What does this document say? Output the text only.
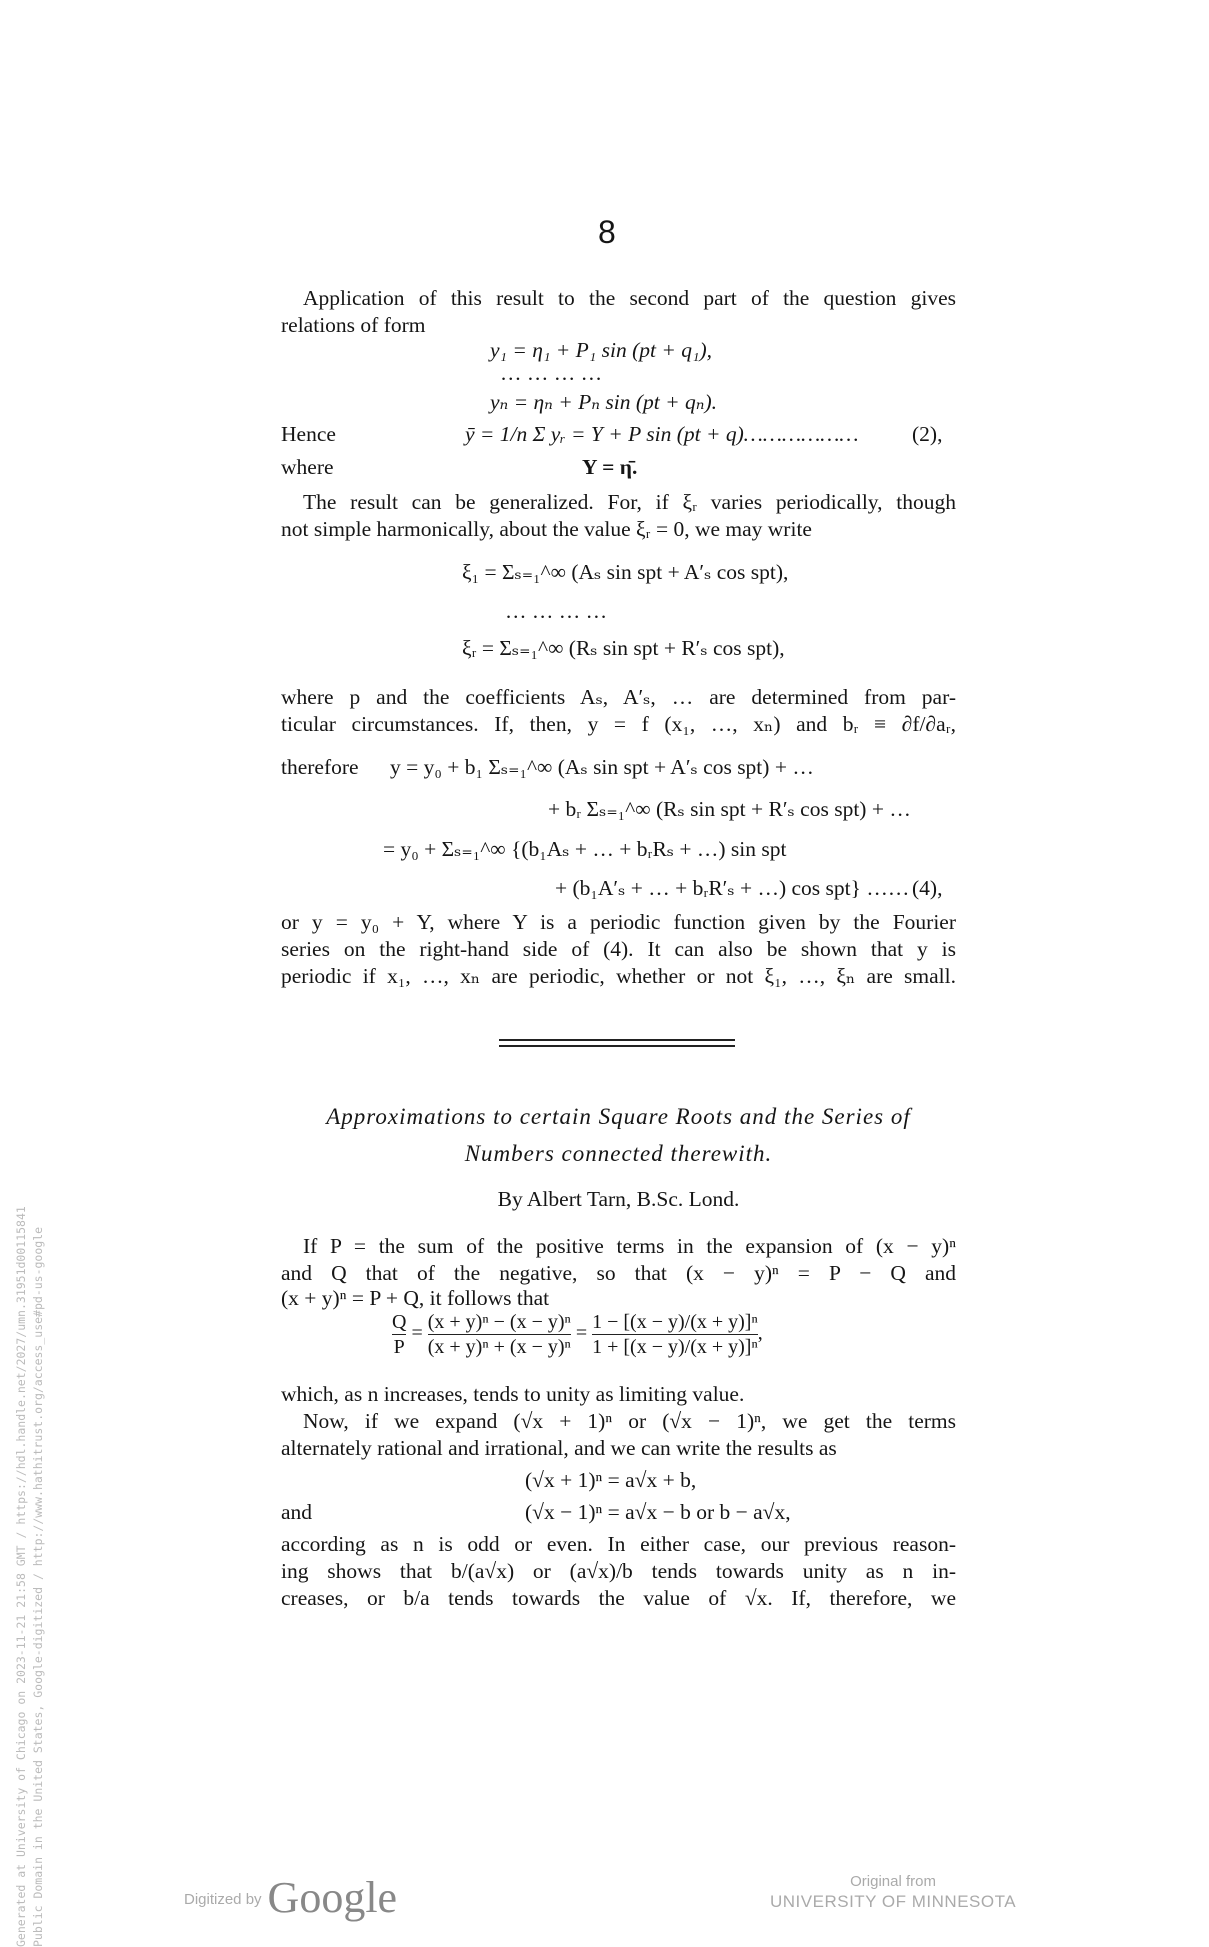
8
Application of this result to the second part of the question gives
relations of form
y₁ = η₁ + P₁ sin (pt + q₁),
… … … …
yₙ = ηₙ + Pₙ sin (pt + qₙ).
Hence	ȳ = 1/n Σ yᵣ = Y + P sin (pt + q)……………… (2),
where	Y = η̄.
The result can be generalized. For, if ξᵣ varies periodically, though
not simple harmonically, about the value ξᵣ = 0, we may write
ξ₁ = Σₛ₌₁^∞ (Aₛ sin spt + A′ₛ cos spt),
… … … …
ξᵣ = Σₛ₌₁^∞ (Rₛ sin spt + R′ₛ cos spt),
where p and the coefficients Aₛ, A′ₛ, … are determined from par-
ticular circumstances. If, then, y = f (x₁, …, xₙ) and bᵣ ≡ ∂f/∂aᵣ,
therefore y = y₀ + b₁ Σₛ₌₁^∞ (Aₛ sin spt + A′ₛ cos spt) + …
+ bᵣ Σₛ₌₁^∞ (Rₛ sin spt + R′ₛ cos spt) + …
= y₀ + Σₛ₌₁^∞ {(b₁Aₛ + … + bᵣRₛ + …) sin spt
+ (b₁A′ₛ + … + bᵣR′ₛ + …) cos spt} …… (4),
or y = y₀ + Y, where Y is a periodic function given by the Fourier
series on the right-hand side of (4). It can also be shown that y is
periodic if x₁, …, xₙ are periodic, whether or not ξ₁, …, ξₙ are small.
Approximations to certain Square Roots and the Series of
Numbers connected therewith.
By Albert Tarn, B.Sc. Lond.
If P = the sum of the positive terms in the expansion of (x − y)ⁿ
and Q that of the negative, so that (x − y)ⁿ = P − Q and
(x + y)ⁿ = P + Q, it follows that
$\frac{Q}{P} = \frac{\text{(x + y)ⁿ − (x − y)ⁿ}}{\text{(x + y)ⁿ + (x − y)ⁿ}} = \frac{\text{1 − [(x − y)/(x + y)]ⁿ}}{\text{1 + [(x − y)/(x + y)]ⁿ}}$ ,
which, as n increases, tends to unity as limiting value.
Now, if we expand (√x + 1)ⁿ or (√x − 1)ⁿ, we get the terms
alternately rational and irrational, and we can write the results as
(√x + 1)ⁿ = a√x + b,
and	(√x − 1)ⁿ = a√x − b or b − a√x,
according as n is odd or even. In either case, our previous reason-
ing shows that b/(a√x) or (a√x)/b tends towards unity as n in-
creases, or b/a tends towards the value of √x. If, therefore, we
Generated at University of Chicago on 2023-11-21 21:58 GMT / https://hdl.handle.net/2027/umn.31951d00115841 Public Domain in the United States, Google-digitized / http://www.hathitrust.org/access_use#pd-us-google	Digitized by Google	Original from
UNIVERSITY OF MINNESOTA
